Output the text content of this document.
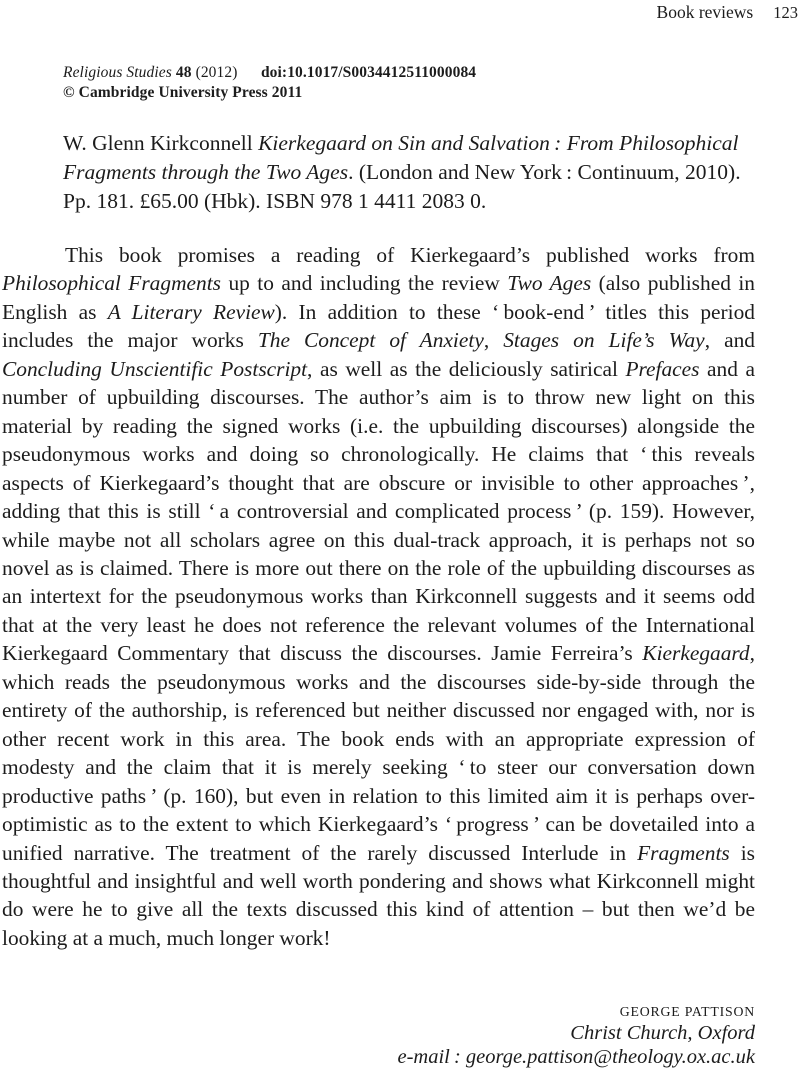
Book reviews 123
Religious Studies 48 (2012)  doi:10.1017/S0034412511000084
© Cambridge University Press 2011
W. Glenn Kirkconnell Kierkegaard on Sin and Salvation : From Philosophical Fragments through the Two Ages. (London and New York : Continuum, 2010). Pp. 181. £65.00 (Hbk). ISBN 978 1 4411 2083 0.
This book promises a reading of Kierkegaard’s published works from Philosophical Fragments up to and including the review Two Ages (also published in English as A Literary Review). In addition to these ‘ book-end ’ titles this period includes the major works The Concept of Anxiety, Stages on Life’s Way, and Concluding Unscientific Postscript, as well as the deliciously satirical Prefaces and a number of upbuilding discourses. The author’s aim is to throw new light on this material by reading the signed works (i.e. the upbuilding discourses) alongside the pseudonymous works and doing so chronologically. He claims that ‘ this reveals aspects of Kierkegaard’s thought that are obscure or invisible to other approaches ’, adding that this is still ‘ a controversial and complicated process ’ (p. 159). However, while maybe not all scholars agree on this dual-track approach, it is perhaps not so novel as is claimed. There is more out there on the role of the upbuilding discourses as an intertext for the pseudonymous works than Kirkconnell suggests and it seems odd that at the very least he does not reference the relevant volumes of the International Kierkegaard Commentary that discuss the discourses. Jamie Ferreira’s Kierkegaard, which reads the pseudonymous works and the discourses side-by-side through the entirety of the authorship, is referenced but neither discussed nor engaged with, nor is other recent work in this area. The book ends with an appropriate expression of modesty and the claim that it is merely seeking ‘ to steer our conversation down productive paths ’ (p. 160), but even in relation to this limited aim it is perhaps over-optimistic as to the extent to which Kierkegaard’s ‘ progress ’ can be dovetailed into a unified narrative. The treatment of the rarely discussed Interlude in Fragments is thoughtful and insightful and well worth pondering and shows what Kirkconnell might do were he to give all the texts discussed this kind of attention – but then we’d be looking at a much, much longer work!
GEORGE PATTISON
Christ Church, Oxford
e-mail : george.pattison@theology.ox.ac.uk
